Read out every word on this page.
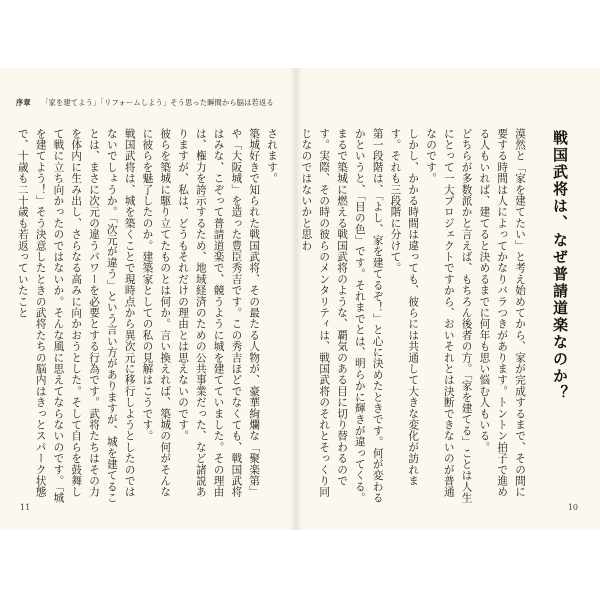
序章 「家を建てよう」「リフォームしよう」そう思った瞬間から脳は若返る

されます。

築城好きで知られた戦国武将、その最たる人物が、豪華絢爛な「聚楽第」や「大阪城」を造った豊臣秀吉です。この秀吉ほどでなくても、戦国武将はみな、こぞって普請道楽で、競うように城を建てていました。その理由は、権力を誇示するため、地域経済のための公共事業だった、など諸説ありますが、私は、どうもそれだけの理由とは思えないのです。

彼らを築城に駆り立てたものとは何か。言い換えれば、築城の何がそんなに彼らを魅了したのか。建築家としての私の見解はこうです。

戦国武将は、城を築くことで現時点から異次元に移行しようとしたのではないでしょうか。「次元が違う」という言い方がありますが、城を建てることは、まさに次元の違うパワーを必要とする行為です。武将たちはその力を体内に生み出し、さらなる高みに向かおうとした。そして自らを鼓舞して戦に立ち向かったのではないか。そんな風に思えてならないのです。「城を建てよう！」そう決意したときの武将たちの脳内はきっとスパーク状態で、十歳も二十歳も若返っていたこと

11
戦国武将は、なぜ普請道楽なのか？

漠然と「家を建てたい」と考え始めてから、家が完成するまで、その間に要する時間は人によってかなりバラつきがあります。トントン拍子で進める人もいれば、建てると決めるまでに何年も思い悩む人もいる。

どちらが多数派かと言えば、もちろん後者の方。「家を建てる」ことは人生にとって一大プロジェクトですから、おいそれとは決断できないのが普通なのです。

しかし、かかる時間は違っても、彼らには共通して大きな変化が訪れます。それも三段階に分けて。

第一段階は、「よし、家を建てるぞ！」と心に決めたときです。何が変わるかというと、「目の色」です。それまでとは、明らかに輝きが違ってくる。まるで築城に燃える戦国武将のような、覇気のある目に切り替わるのです。実際、その時の彼らのメンタリティは、戦国武将のそれとそっくり同じなのではないかと思わ

10
